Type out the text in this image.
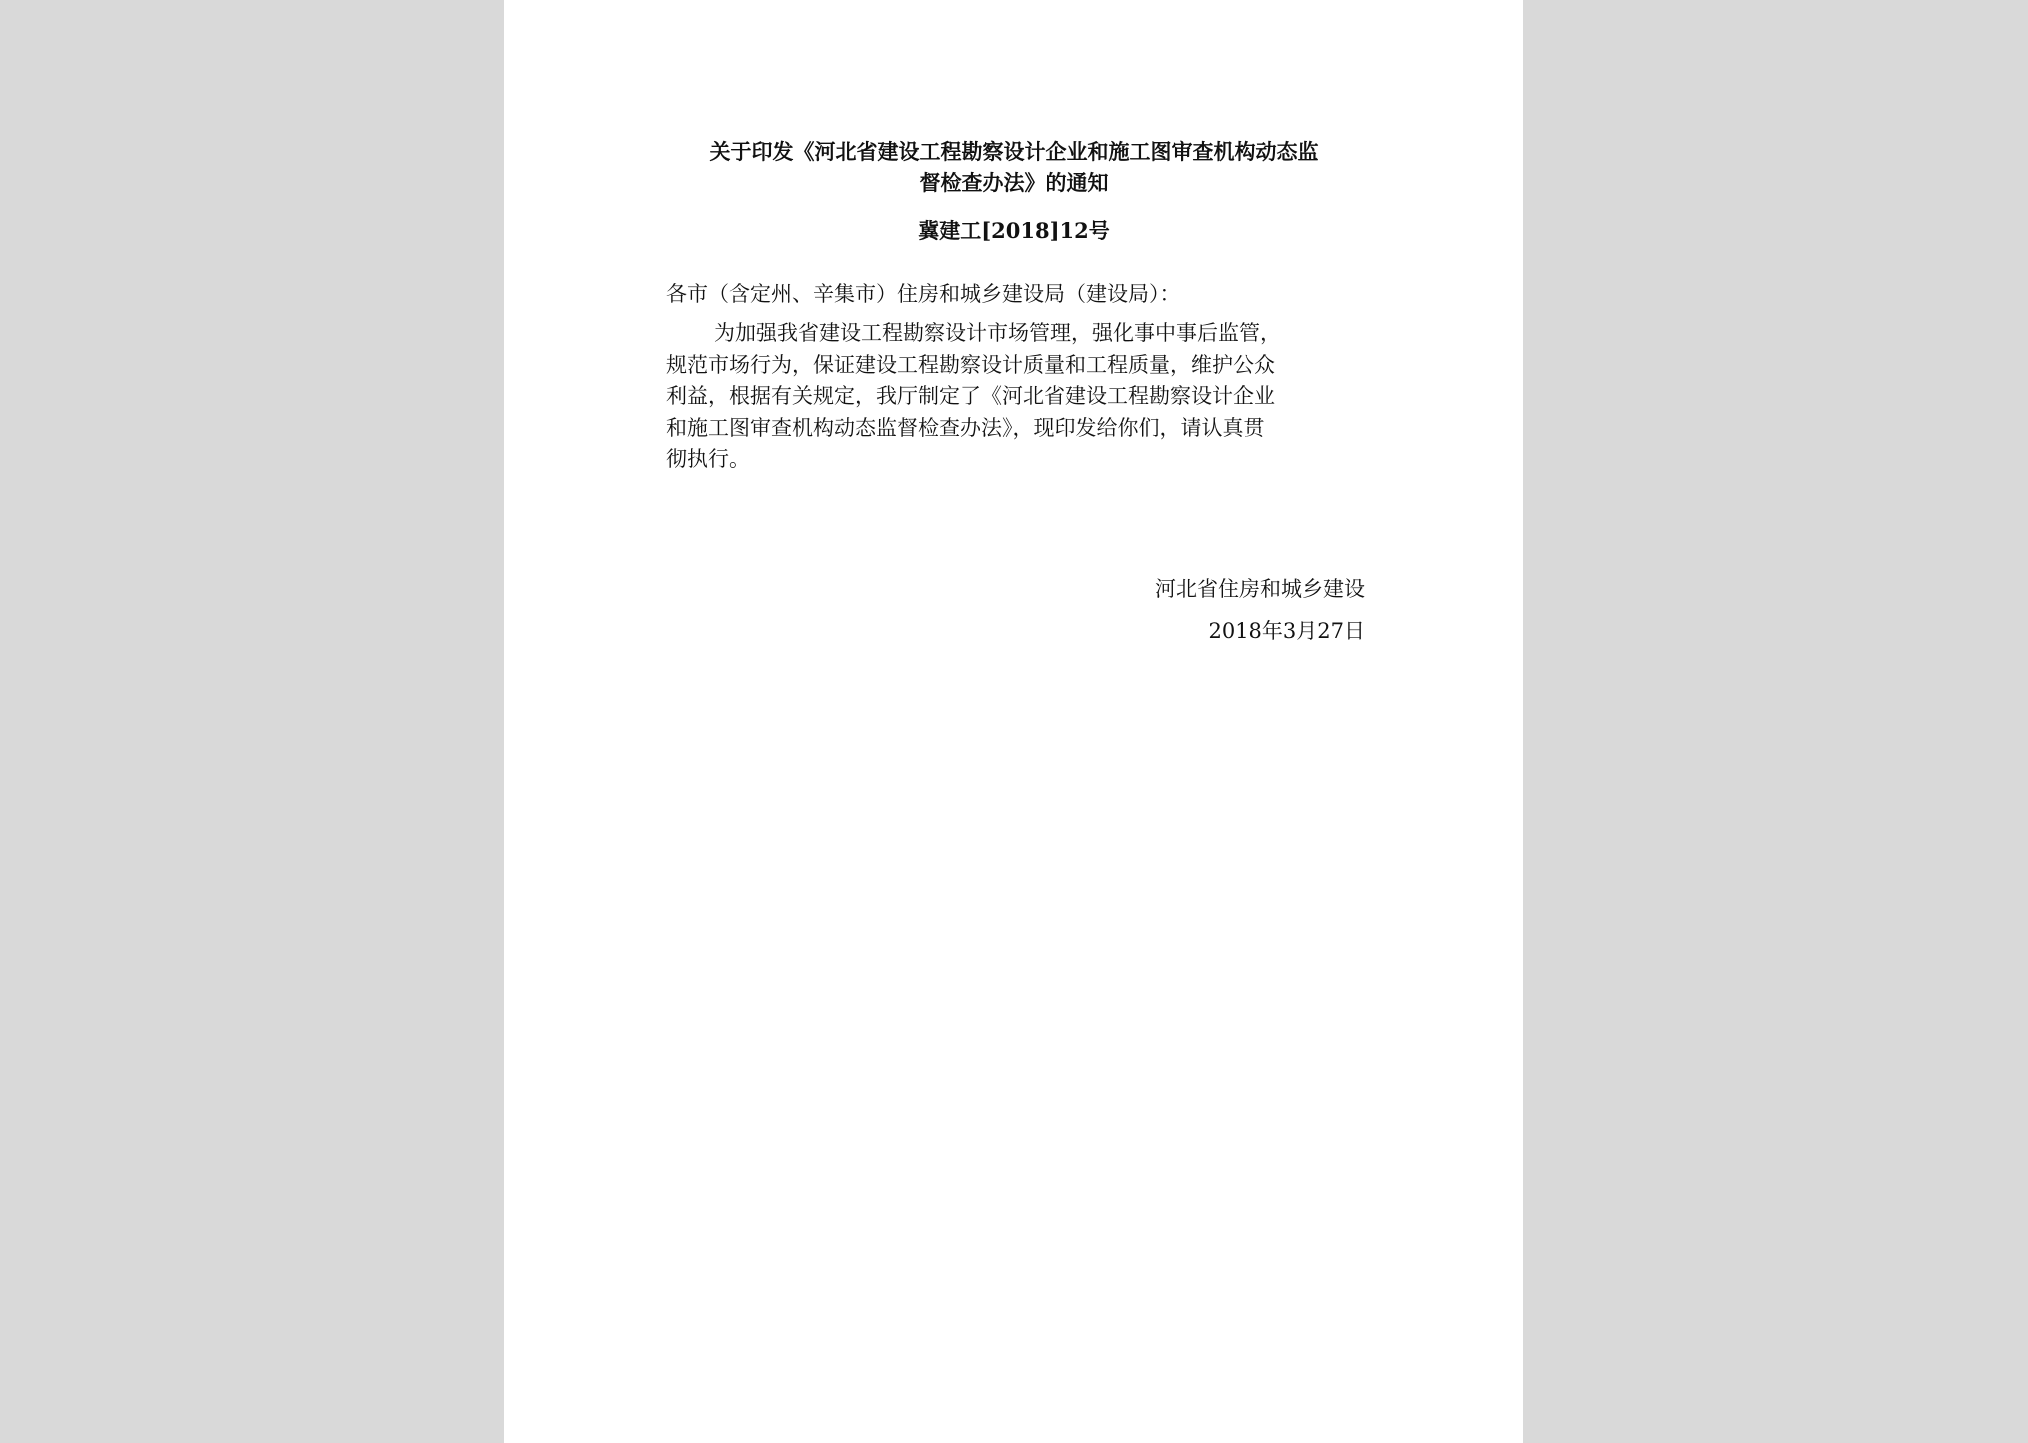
关于印发《河北省建设工程勘察设计企业和施工图审查机构动态监
督检查办法》的通知
冀建工[2018]12号
各市（含定州、辛集市）住房和城乡建设局（建设局）：
为加强我省建设工程勘察设计市场管理，强化事中事后监管，
规范市场行为，保证建设工程勘察设计质量和工程质量，维护公众
利益，根据有关规定，我厅制定了《河北省建设工程勘察设计企业
和施工图审查机构动态监督检查办法》，现印发给你们，请认真贯
彻执行。
河北省住房和城乡建设
2018年3月27日
